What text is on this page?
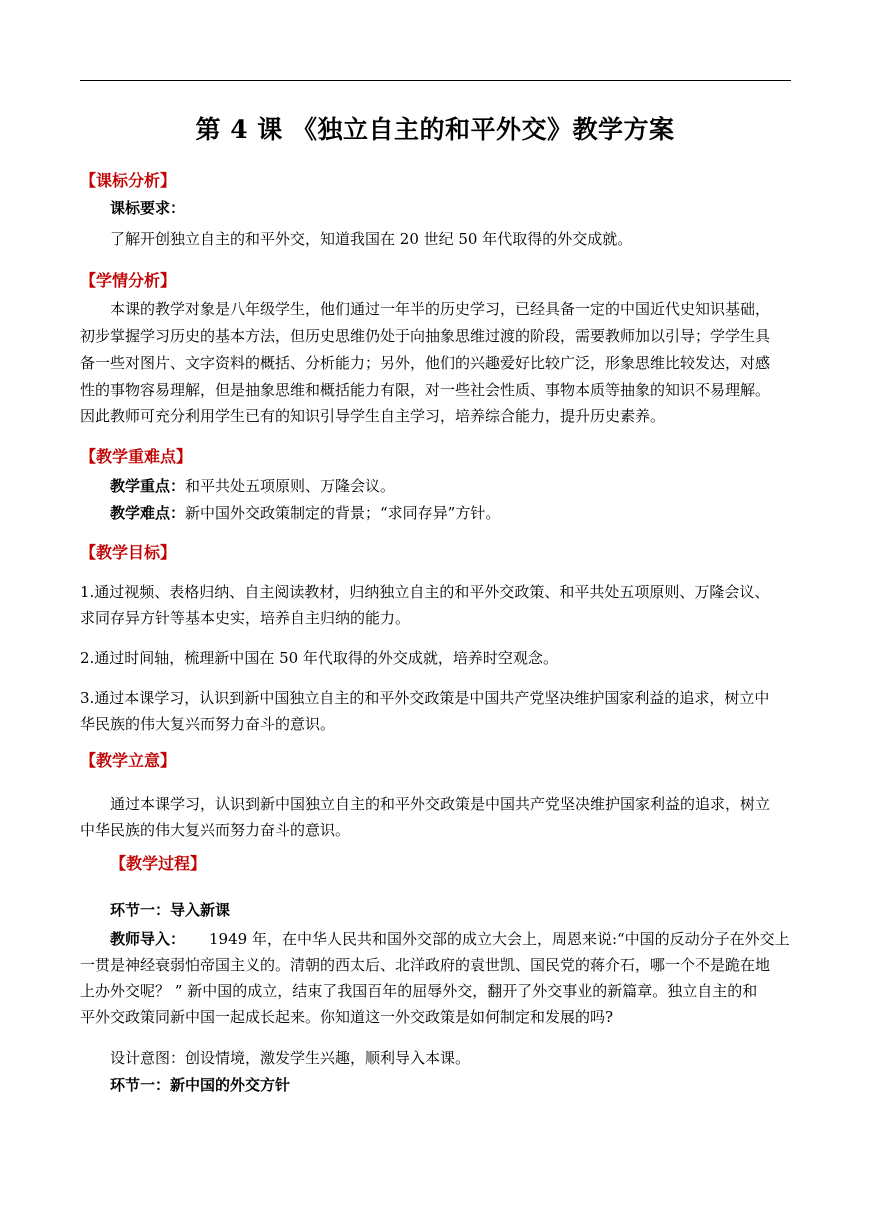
第 4 课 《独立自主的和平外交》教学方案
【课标分析】
课标要求：
了解开创独立自主的和平外交，知道我国在 20 世纪 50 年代取得的外交成就。
【学情分析】
本课的教学对象是八年级学生，他们通过一年半的历史学习，已经具备一定的中国近代史知识基础，
初步掌握学习历史的基本方法，但历史思维仍处于向抽象思维过渡的阶段，需要教师加以引导；学学生具
备一些对图片、文字资料的概括、分析能力；另外，他们的兴趣爱好比较广泛，形象思维比较发达，对感
性的事物容易理解，但是抽象思维和概括能力有限，对一些社会性质、事物本质等抽象的知识不易理解。
因此教师可充分利用学生已有的知识引导学生自主学习，培养综合能力，提升历史素养。
【教学重难点】
教学重点：和平共处五项原则、万隆会议。
教学难点：新中国外交政策制定的背景；“求同存异”方针。
【教学目标】
1.通过视频、表格归纳、自主阅读教材，归纳独立自主的和平外交政策、和平共处五项原则、万隆会议、
求同存异方针等基本史实，培养自主归纳的能力。
2.通过时间轴，梳理新中国在 50 年代取得的外交成就，培养时空观念。
3.通过本课学习，认识到新中国独立自主的和平外交政策是中国共产党坚决维护国家利益的追求，树立中
华民族的伟大复兴而努力奋斗的意识。
【教学立意】
通过本课学习，认识到新中国独立自主的和平外交政策是中国共产党坚决维护国家利益的追求，树立
中华民族的伟大复兴而努力奋斗的意识。
【教学过程】
环节一：导入新课
教师导入： 1949 年，在中华人民共和国外交部的成立大会上，周恩来说:“中国的反动分子在外交上
一贯是神经衰弱怕帝国主义的。清朝的西太后、北洋政府的袁世凯、国民党的蒋介石，哪一个不是跪在地
上办外交呢？ ” 新中国的成立，结束了我国百年的屈辱外交，翻开了外交事业的新篇章。独立自主的和
平外交政策同新中国一起成长起来。你知道这一外交政策是如何制定和发展的吗?
设计意图：创设情境，激发学生兴趣，顺利导入本课。
环节一：新中国的外交方针
